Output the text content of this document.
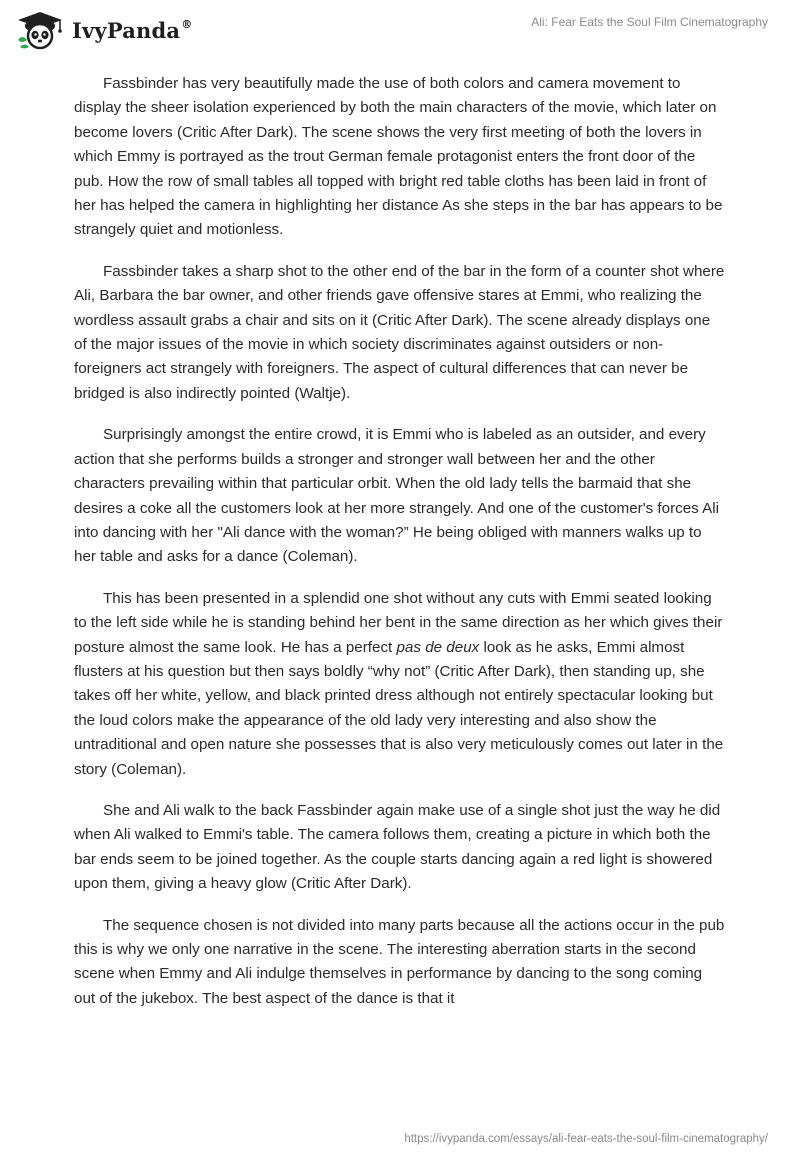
IvyPanda®	Ali: Fear Eats the Soul Film Cinematography

Fassbinder has very beautifully made the use of both colors and camera movement to display the sheer isolation experienced by both the main characters of the movie, which later on become lovers (Critic After Dark). The scene shows the very first meeting of both the lovers in which Emmy is portrayed as the trout German female protagonist enters the front door of the pub. How the row of small tables all topped with bright red table cloths has been laid in front of her has helped the camera in highlighting her distance As she steps in the bar has appears to be strangely quiet and motionless.

Fassbinder takes a sharp shot to the other end of the bar in the form of a counter shot where Ali, Barbara the bar owner, and other friends gave offensive stares at Emmi, who realizing the wordless assault grabs a chair and sits on it (Critic After Dark). The scene already displays one of the major issues of the movie in which society discriminates against outsiders or non-foreigners act strangely with foreigners. The aspect of cultural differences that can never be bridged is also indirectly pointed (Waltje).

Surprisingly amongst the entire crowd, it is Emmi who is labeled as an outsider, and every action that she performs builds a stronger and stronger wall between her and the other characters prevailing within that particular orbit. When the old lady tells the barmaid that she desires a coke all the customers look at her more strangely. And one of the customer's forces Ali into dancing with her "Ali dance with the woman?” He being obliged with manners walks up to her table and asks for a dance (Coleman).

This has been presented in a splendid one shot without any cuts with Emmi seated looking to the left side while he is standing behind her bent in the same direction as her which gives their posture almost the same look. He has a perfect pas de deux look as he asks, Emmi almost flusters at his question but then says boldly “why not” (Critic After Dark), then standing up, she takes off her white, yellow, and black printed dress although not entirely spectacular looking but the loud colors make the appearance of the old lady very interesting and also show the untraditional and open nature she possesses that is also very meticulously comes out later in the story (Coleman).

She and Ali walk to the back Fassbinder again make use of a single shot just the way he did when Ali walked to Emmi's table. The camera follows them, creating a picture in which both the bar ends seem to be joined together. As the couple starts dancing again a red light is showered upon them, giving a heavy glow (Critic After Dark).

The sequence chosen is not divided into many parts because all the actions occur in the pub this is why we only one narrative in the scene. The interesting aberration starts in the second scene when Emmy and Ali indulge themselves in performance by dancing to the song coming out of the jukebox. The best aspect of the dance is that it

https://ivypanda.com/essays/ali-fear-eats-the-soul-film-cinematography/
